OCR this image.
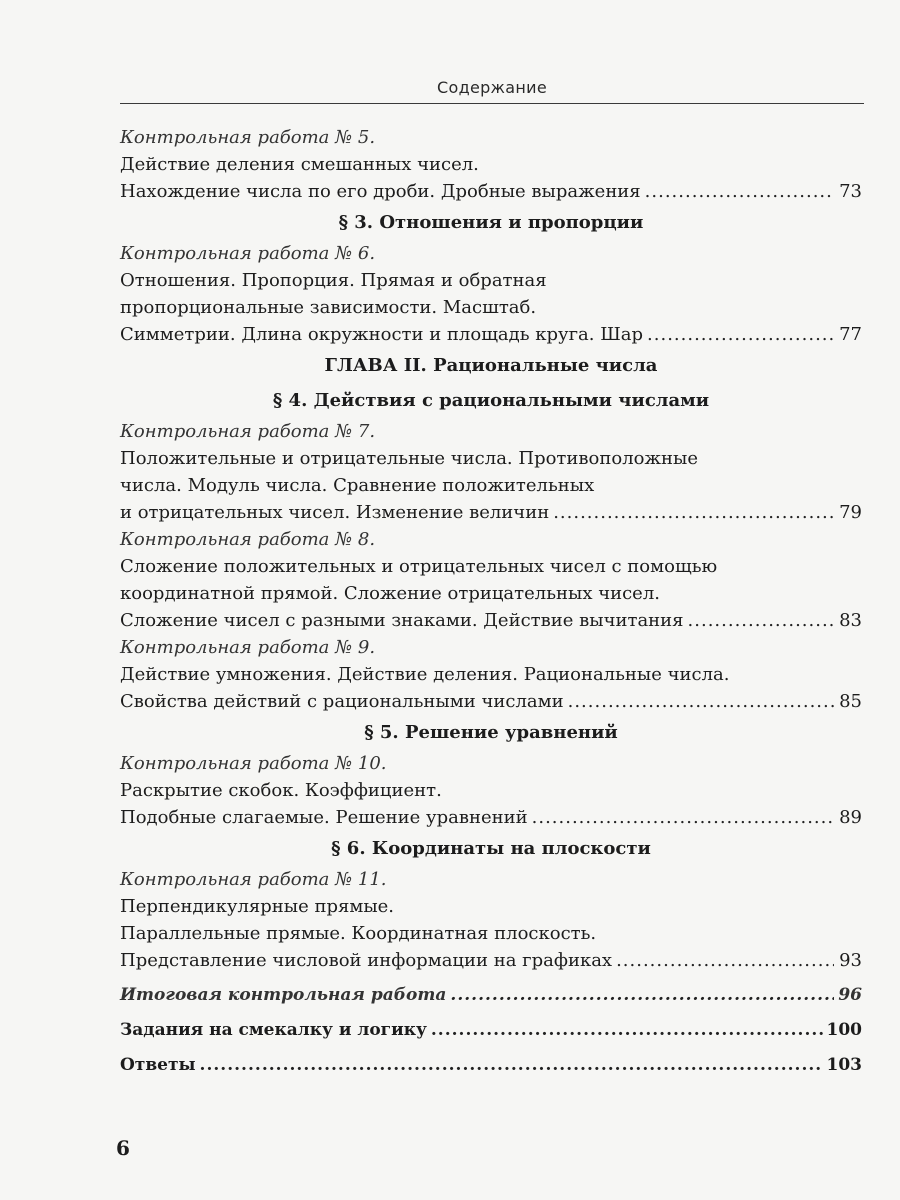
Содержание
Контрольная работа № 5.
Действие деления смешанных чисел.
Нахождение числа по его дроби. Дробные выражения .....	73
§ 3. Отношения и пропорции
Контрольная работа № 6.
Отношения. Пропорция. Прямая и обратная
пропорциональные зависимости. Масштаб.
Симметрии. Длина окружности и площадь круга. Шар .....	77
ГЛАВА II. Рациональные числа
§ 4. Действия с рациональными числами
Контрольная работа № 7.
Положительные и отрицательные числа. Противоположные
числа. Модуль числа. Сравнение положительных
и отрицательных чисел. Изменение величин .....	79
Контрольная работа № 8.
Сложение положительных и отрицательных чисел с помощью
координатной прямой. Сложение отрицательных чисел.
Сложение чисел с разными знаками. Действие вычитания .....	83
Контрольная работа № 9.
Действие умножения. Действие деления. Рациональные числа.
Свойства действий с рациональными числами .....	85
§ 5. Решение уравнений
Контрольная работа № 10.
Раскрытие скобок. Коэффициент.
Подобные слагаемые. Решение уравнений .....	89
§ 6. Координаты на плоскости
Контрольная работа № 11.
Перпендикулярные прямые.
Параллельные прямые. Координатная плоскость.
Представление числовой информации на графиках .....	93
Итоговая контрольная работа .....	96
Задания на смекалку и логику .....	100
Ответы .....	103
6
